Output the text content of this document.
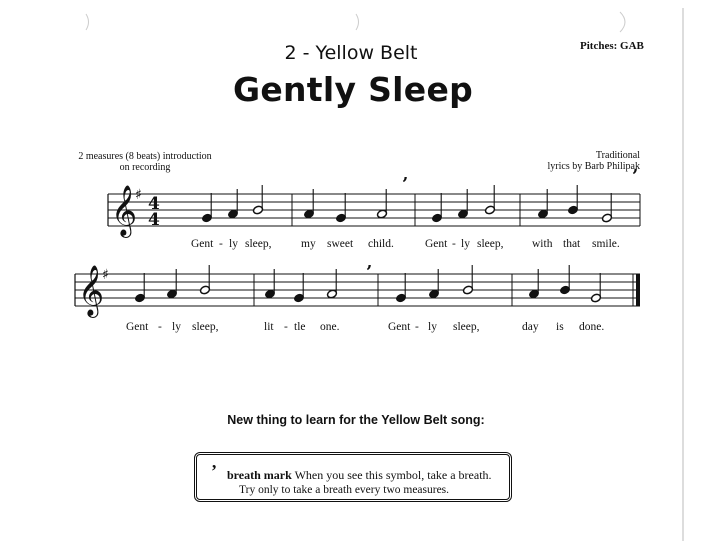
𝄞
♯ 4
4
’	’
𝄞
♯	’
2 - Yellow Belt
Gently Sleep
Pitches: GAB
2 measures (8 beats) introduction
on recording
Traditional
lyrics by Barb Philipak
Gent - ly sleep,	my sweet child.	Gent - ly sleep, with that smile.
Gent - ly sleep,	lit - tle one.	Gent - ly sleep,	day is done.
New thing to learn for the Yellow Belt song:
’ breath mark When you see this symbol, take a breath.
Try only to take a breath every two measures.
